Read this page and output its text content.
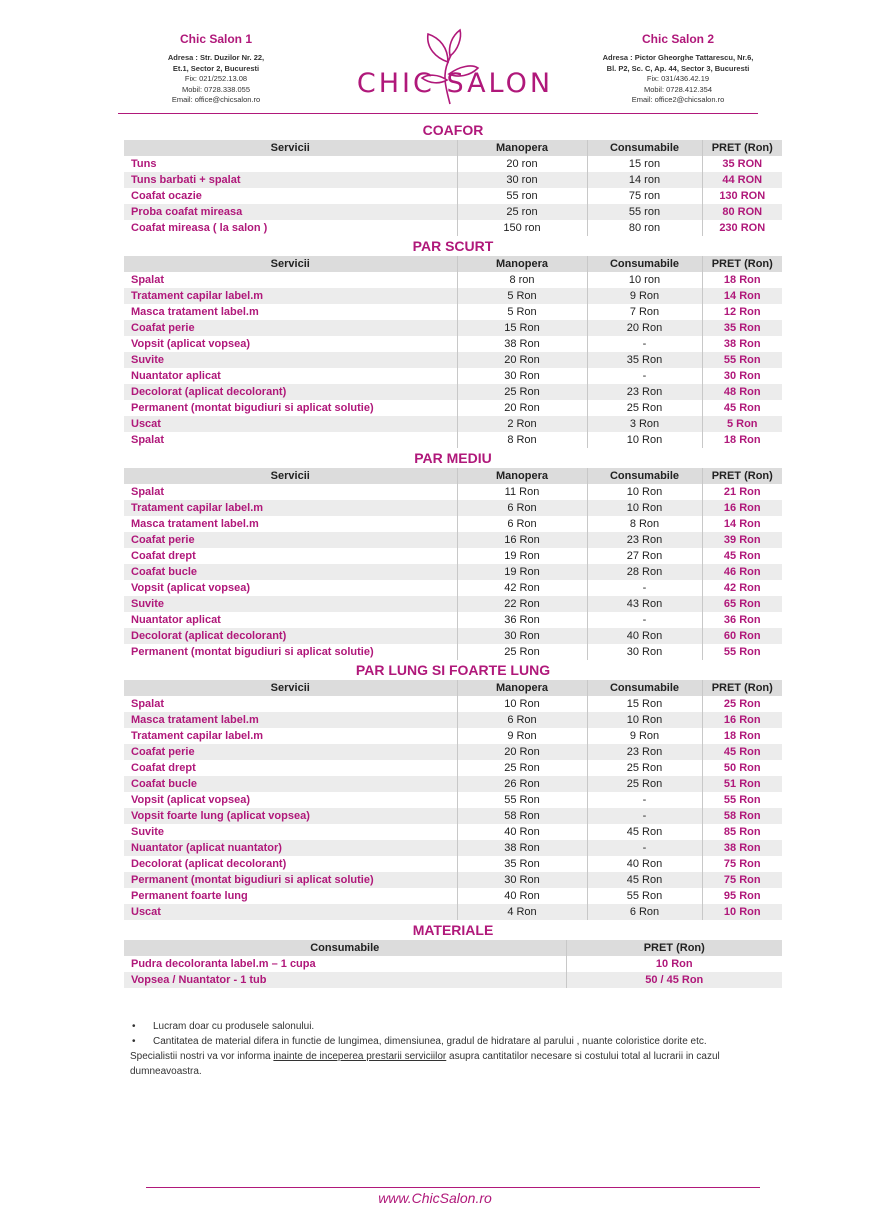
Chic Salon 1
Adresa : Str. Duzilor Nr. 22,
Et.1, Sector 2, Bucuresti
Fix: 021/252.13.08
Mobil: 0728.338.055
Email: office@chicsalon.ro
CHIC SALON
Chic Salon 2
Adresa : Pictor Gheorghe Tattarescu, Nr.6,
Bl. P2, Sc. C, Ap. 44, Sector 3, Bucuresti
Fix: 031/436.42.19
Mobil: 0728.412.354
Email: office2@chicsalon.ro
COAFOR
Servicii	Manopera	Consumabile	PRET (Ron)
Tuns	20 ron	15 ron	35 RON
Tuns barbati + spalat	30 ron	14 ron	44 RON
Coafat ocazie	55 ron	75 ron	130 RON
Proba coafat mireasa	25 ron	55 ron	80 RON
Coafat mireasa ( la salon )	150 ron	80 ron	230 RON
PAR SCURT
Servicii	Manopera	Consumabile	PRET (Ron)
Spalat	8 ron	10 ron	18 Ron
Tratament capilar label.m	5 Ron	9 Ron	14 Ron
Masca tratament label.m	5 Ron	7 Ron	12 Ron
Coafat perie	15 Ron	20 Ron	35 Ron
Vopsit (aplicat vopsea)	38 Ron	-	38 Ron
Suvite	20 Ron	35 Ron	55 Ron
Nuantator aplicat	30 Ron	-	30 Ron
Decolorat (aplicat decolorant)	25 Ron	23 Ron	48 Ron
Permanent (montat bigudiuri si aplicat solutie)	20 Ron	25 Ron	45 Ron
Uscat	2 Ron	3 Ron	5 Ron
Spalat	8 Ron	10 Ron	18 Ron
PAR MEDIU
Servicii	Manopera	Consumabile	PRET (Ron)
Spalat	11 Ron	10 Ron	21 Ron
Tratament capilar label.m	6 Ron	10 Ron	16 Ron
Masca tratament label.m	6 Ron	8 Ron	14 Ron
Coafat perie	16 Ron	23 Ron	39 Ron
Coafat drept	19 Ron	27 Ron	45 Ron
Coafat bucle	19 Ron	28 Ron	46 Ron
Vopsit (aplicat vopsea)	42 Ron	-	42 Ron
Suvite	22 Ron	43 Ron	65 Ron
Nuantator aplicat	36 Ron	-	36 Ron
Decolorat (aplicat decolorant)	30 Ron	40 Ron	60 Ron
Permanent (montat bigudiuri si aplicat solutie)	25 Ron	30 Ron	55 Ron
PAR LUNG SI FOARTE LUNG
Servicii	Manopera	Consumabile	PRET (Ron)
Spalat	10 Ron	15 Ron	25 Ron
Masca tratament label.m	6 Ron	10 Ron	16 Ron
Tratament capilar label.m	9 Ron	9 Ron	18 Ron
Coafat perie	20 Ron	23 Ron	45 Ron
Coafat drept	25 Ron	25 Ron	50 Ron
Coafat bucle	26 Ron	25 Ron	51 Ron
Vopsit (aplicat vopsea)	55 Ron	-	55 Ron
Vopsit foarte lung (aplicat vopsea)	58 Ron	-	58 Ron
Suvite	40 Ron	45 Ron	85 Ron
Nuantator (aplicat nuantator)	38 Ron	-	38 Ron
Decolorat (aplicat decolorant)	35 Ron	40 Ron	75 Ron
Permanent (montat bigudiuri si aplicat solutie)	30 Ron	45 Ron	75 Ron
Permanent foarte lung	40 Ron	55 Ron	95 Ron
Uscat	4 Ron	6 Ron	10 Ron
MATERIALE
Consumabile	PRET (Ron)
Pudra decoloranta label.m – 1 cupa	10 Ron
Vopsea / Nuantator - 1 tub	50 / 45 Ron
•	Lucram doar cu produsele salonului.
•	Cantitatea de material difera in functie de lungimea, dimensiunea, gradul de hidratare al parului , nuante coloristice dorite etc.
Specialistii nostri va vor informa inainte de inceperea prestarii serviciilor asupra cantitatilor necesare si costului total al lucrarii in cazul dumneavoastra.
www.ChicSalon.ro
